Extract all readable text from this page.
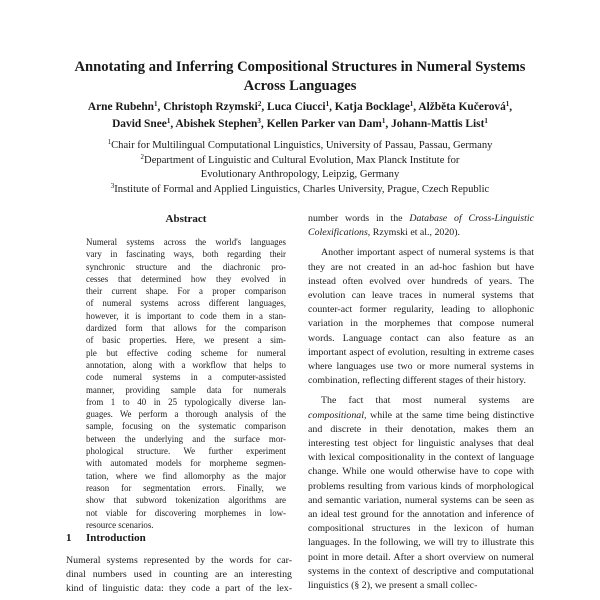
Annotating and Inferring Compositional Structures in Numeral Systems
Across Languages
Arne Rubehn$^1$, Christoph Rzymski$^2$, Luca Ciucci$^1$, Katja Bocklage$^1$, Alžběta Kučerová$^1$,
David Snee$^1$, Abishek Stephen$^3$, Kellen Parker van Dam$^1$, Johann-Mattis List$^1$
$^1$Chair for Multilingual Computational Linguistics, University of Passau, Passau, Germany
$^2$Department of Linguistic and Cultural Evolution, Max Planck Institute for
Evolutionary Anthropology, Leipzig, Germany
$^3$Institute of Formal and Applied Linguistics, Charles University, Prague, Czech Republic
Abstract
Numeral systems across the world's languages
vary in fascinating ways, both regarding their
synchronic structure and the diachronic pro-
cesses that determined how they evolved in
their current shape. For a proper comparison
of numeral systems across different languages,
however, it is important to code them in a stan-
dardized form that allows for the comparison
of basic properties. Here, we present a sim-
ple but effective coding scheme for numeral
annotation, along with a workflow that helps to
code numeral systems in a computer-assisted
manner, providing sample data for numerals
from 1 to 40 in 25 typologically diverse lan-
guages. We perform a thorough analysis of the
sample, focusing on the systematic comparison
between the underlying and the surface mor-
phological structure. We further experiment
with automated models for morpheme segmen-
tation, where we find allomorphy as the major
reason for segmentation errors. Finally, we
show that subword tokenization algorithms are
not viable for discovering morphemes in low-
resource scenarios.
1 Introduction
Numeral systems represented by the words for car-
dinal numbers used in counting are an interesting
kind of linguistic data: they code a part of the lex-

number words in the Database of Cross-Linguistic Colexifications, Rzymski et al., 2020).

Another important aspect of numeral systems is that they are not created in an ad-hoc fashion but have instead often evolved over hundreds of years. The evolution can leave traces in numeral systems that counter-act former regularity, leading to allophonic variation in the morphemes that compose numeral words. Language contact can also feature as an important aspect of evolution, resulting in extreme cases where languages use two or more numeral systems in combination, reflecting different stages of their history.

The fact that most numeral systems are compositional, while at the same time being distinctive and discrete in their denotation, makes them an interesting test object for linguistic analyses that deal with lexical compositionality in the context of language change. While one would otherwise have to cope with problems resulting from various kinds of morphological and semantic variation, numeral systems can be seen as an ideal test ground for the annotation and inference of compositional structures in the lexicon of human languages. In the following, we will try to illustrate this point in more detail. After a short overview on numeral systems in the context of descriptive and computational linguistics (§ 2), we present a small collec-
